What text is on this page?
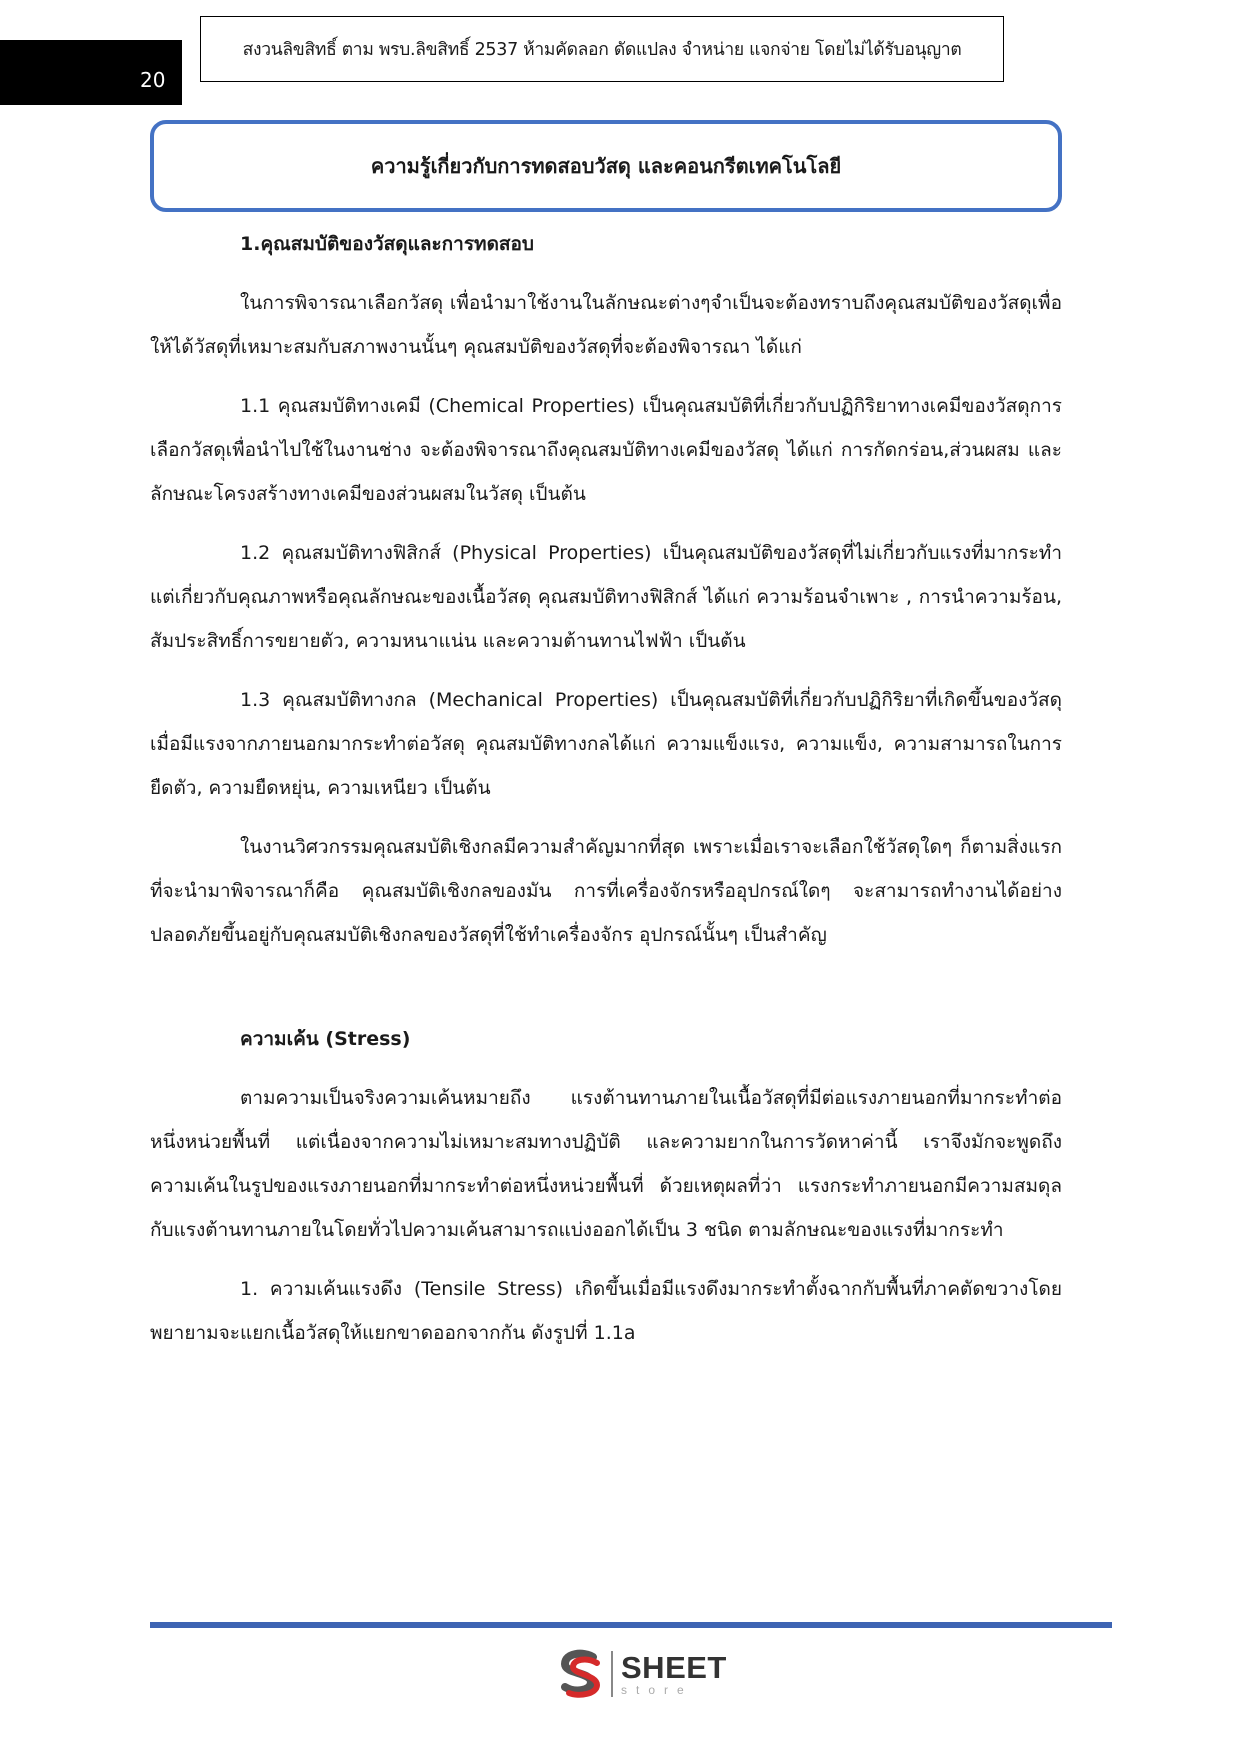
20
สงวนลิขสิทธิ์ ตาม พรบ.ลิขสิทธิ์ 2537 ห้ามคัดลอก ดัดแปลง จำหน่าย แจกจ่าย โดยไม่ได้รับอนุญาต
ความรู้เกี่ยวกับการทดสอบวัสดุ และคอนกรีตเทคโนโลยี

1.คุณสมบัติของวัสดุและการทดสอบ

ในการพิจารณาเลือกวัสดุ เพื่อนำมาใช้งานในลักษณะต่างๆจำเป็นจะต้องทราบถึงคุณสมบัติของวัสดุเพื่อให้ได้วัสดุที่เหมาะสมกับสภาพงานนั้นๆ คุณสมบัติของวัสดุที่จะต้องพิจารณา ได้แก่

1.1 คุณสมบัติทางเคมี (Chemical Properties) เป็นคุณสมบัติที่เกี่ยวกับปฏิกิริยาทางเคมีของวัสดุการเลือกวัสดุเพื่อนำไปใช้ในงานช่าง จะต้องพิจารณาถึงคุณสมบัติทางเคมีของวัสดุ ได้แก่ การกัดกร่อน,ส่วนผสม และลักษณะโครงสร้างทางเคมีของส่วนผสมในวัสดุ เป็นต้น

1.2 คุณสมบัติทางฟิสิกส์ (Physical Properties) เป็นคุณสมบัติของวัสดุที่ไม่เกี่ยวกับแรงที่มากระทำแต่เกี่ยวกับคุณภาพหรือคุณลักษณะของเนื้อวัสดุ คุณสมบัติทางฟิสิกส์ ได้แก่ ความร้อนจำเพาะ , การนำความร้อน, สัมประสิทธิ์การขยายตัว, ความหนาแน่น และความต้านทานไฟฟ้า เป็นต้น

1.3 คุณสมบัติทางกล (Mechanical Properties) เป็นคุณสมบัติที่เกี่ยวกับปฏิกิริยาที่เกิดขึ้นของวัสดุเมื่อมีแรงจากภายนอกมากระทำต่อวัสดุ คุณสมบัติทางกลได้แก่ ความแข็งแรง, ความแข็ง, ความสามารถในการยืดตัว, ความยืดหยุ่น, ความเหนียว เป็นต้น

ในงานวิศวกรรมคุณสมบัติเชิงกลมีความสำคัญมากที่สุด เพราะเมื่อเราจะเลือกใช้วัสดุใดๆ ก็ตามสิ่งแรกที่จะนำมาพิจารณาก็คือ คุณสมบัติเชิงกลของมัน การที่เครื่องจักรหรืออุปกรณ์ใดๆ จะสามารถทำงานได้อย่างปลอดภัยขึ้นอยู่กับคุณสมบัติเชิงกลของวัสดุที่ใช้ทำเครื่องจักร อุปกรณ์นั้นๆ เป็นสำคัญ

ความเค้น (Stress)

ตามความเป็นจริงความเค้นหมายถึง แรงต้านทานภายในเนื้อวัสดุที่มีต่อแรงภายนอกที่มากระทำต่อหนึ่งหน่วยพื้นที่ แต่เนื่องจากความไม่เหมาะสมทางปฏิบัติ และความยากในการวัดหาค่านี้ เราจึงมักจะพูดถึงความเค้นในรูปของแรงภายนอกที่มากระทำต่อหนึ่งหน่วยพื้นที่ ด้วยเหตุผลที่ว่า แรงกระทำภายนอกมีความสมดุลกับแรงต้านทานภายในโดยทั่วไปความเค้นสามารถแบ่งออกได้เป็น 3 ชนิด ตามลักษณะของแรงที่มากระทำ

1. ความเค้นแรงดึง (Tensile Stress) เกิดขึ้นเมื่อมีแรงดึงมากระทำตั้งฉากกับพื้นที่ภาคตัดขวางโดยพยายามจะแยกเนื้อวัสดุให้แยกขาดออกจากกัน ดังรูปที่ 1.1a

SHEET
store
